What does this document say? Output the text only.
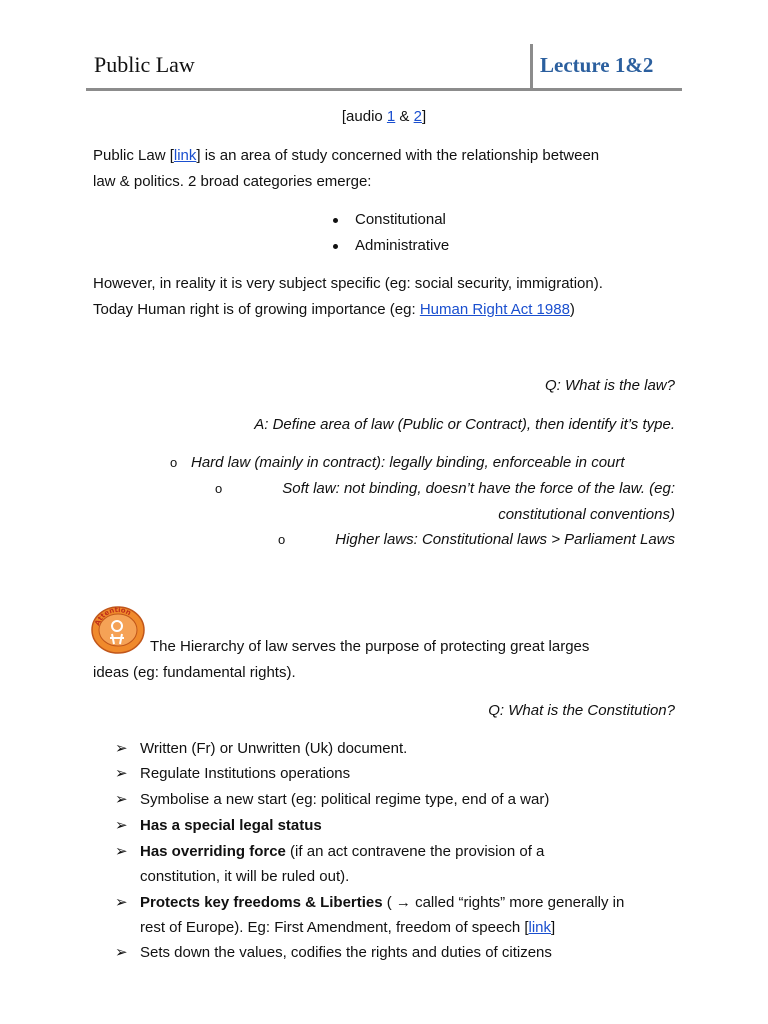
Public Law	Lecture 1&2
[audio 1 & 2]
Public Law [link] is an area of study concerned with the relationship between
law & politics. 2 broad categories emerge:
Constitutional
Administrative
However, in reality it is very subject specific (eg: social security, immigration).
Today Human right is of growing importance (eg: Human Right Act 1988)
Q: What is the law?
A: Define area of law (Public or Contract), then identify it’s type.
o Hard law (mainly in contract): legally binding, enforceable in court
o	Soft law: not binding, doesn’t have the force of the law. (eg:
constitutional conventions)
o	Higher laws: Constitutional laws > Parliament Laws
Attention
The Hierarchy of law serves the purpose of protecting great larges
ideas (eg: fundamental rights).
Q: What is the Constitution?
➢ Written (Fr) or Unwritten (Uk) document.
➢ Regulate Institutions operations
➢ Symbolise a new start (eg: political regime type, end of a war)
➢ Has a special legal status
➢ Has overriding force (if an act contravene the provision of a
constitution, it will be ruled out).
➢ Protects key freedoms & Liberties ( → called “rights” more generally in
rest of Europe). Eg: First Amendment, freedom of speech [link]
➢ Sets down the values, codifies the rights and duties of citizens
